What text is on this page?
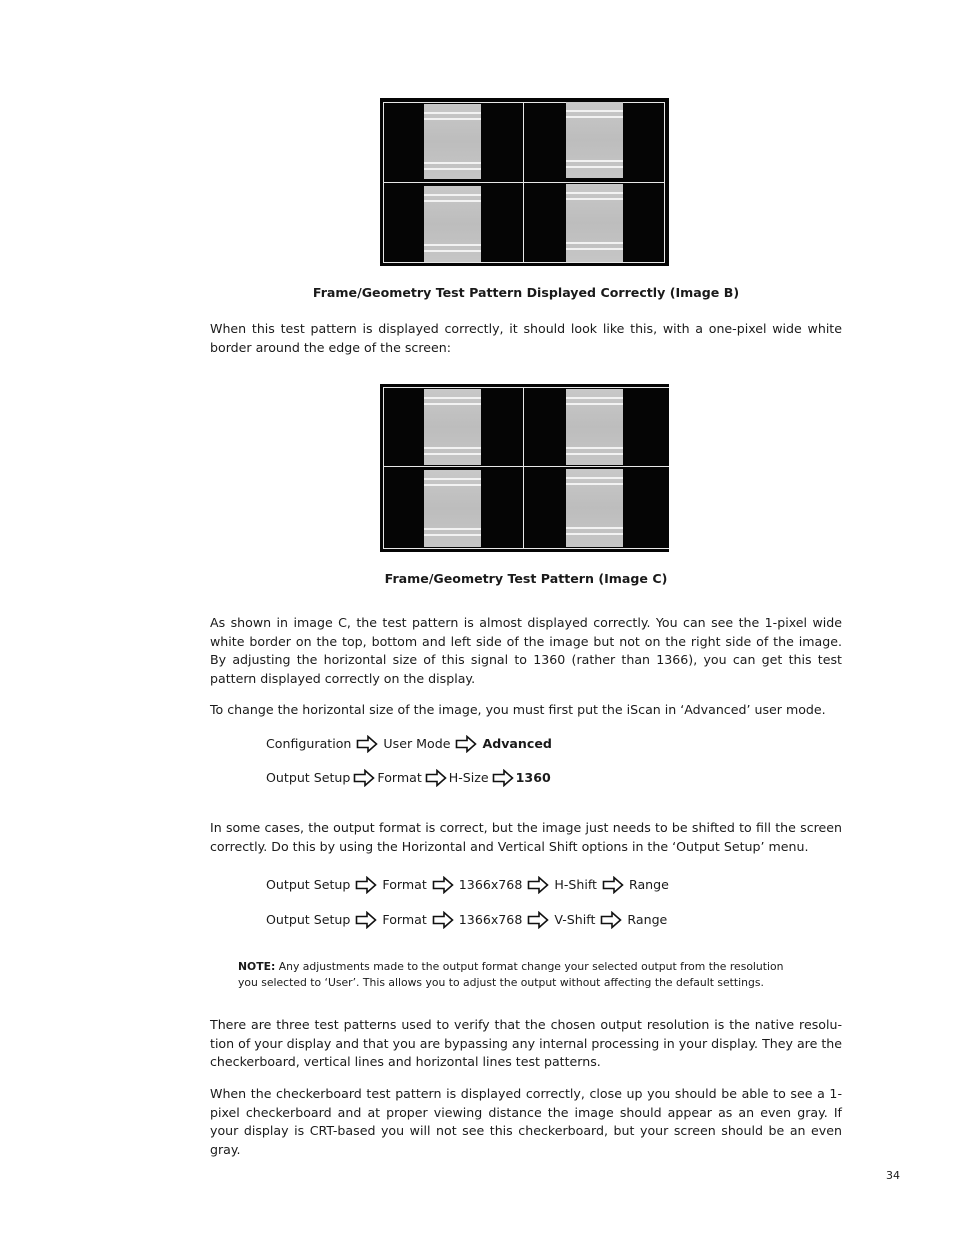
Frame/Geometry Test Pattern Displayed Correctly (Image B)
When this test pattern is displayed correctly, it should look like this, with a one-pixel wide white border around the edge of the screen:
Frame/Geometry Test Pattern (Image C)
As shown in image C, the test pattern is almost displayed correctly. You can see the 1-pixel wide white border on the top, bottom and left side of the image but not on the right side of the image. By adjusting the horizontal size of this signal to 1360 (rather than 1366), you can get this test pattern displayed correctly on the display.
To change the horizontal size of the image, you must first put the iScan in ‘Advanced’ user mode.
Configuration	User Mode	Advanced
Output Setup Format H-Size 1360
In some cases, the output format is correct, but the image just needs to be shifted to fill the screen correctly. Do this by using the Horizontal and Vertical Shift options in the ‘Output Setup’ menu.
Output Setup	Format	1366x768	H-Shift	Range
Output Setup	Format	1366x768	V-Shift	Range
NOTE: Any adjustments made to the output format change your selected output from the resolution
you selected to ‘User’. This allows you to adjust the output without affecting the default settings.
There are three test patterns used to verify that the chosen output resolution is the native resolu-tion of your display and that you are bypassing any internal processing in your display. They are the checkerboard, vertical lines and horizontal lines test patterns.
When the checkerboard test pattern is displayed correctly, close up you should be able to see a 1-pixel checkerboard and at proper viewing distance the image should appear as an even gray. If your display is CRT-based you will not see this checkerboard, but your screen should be an even gray.
34
